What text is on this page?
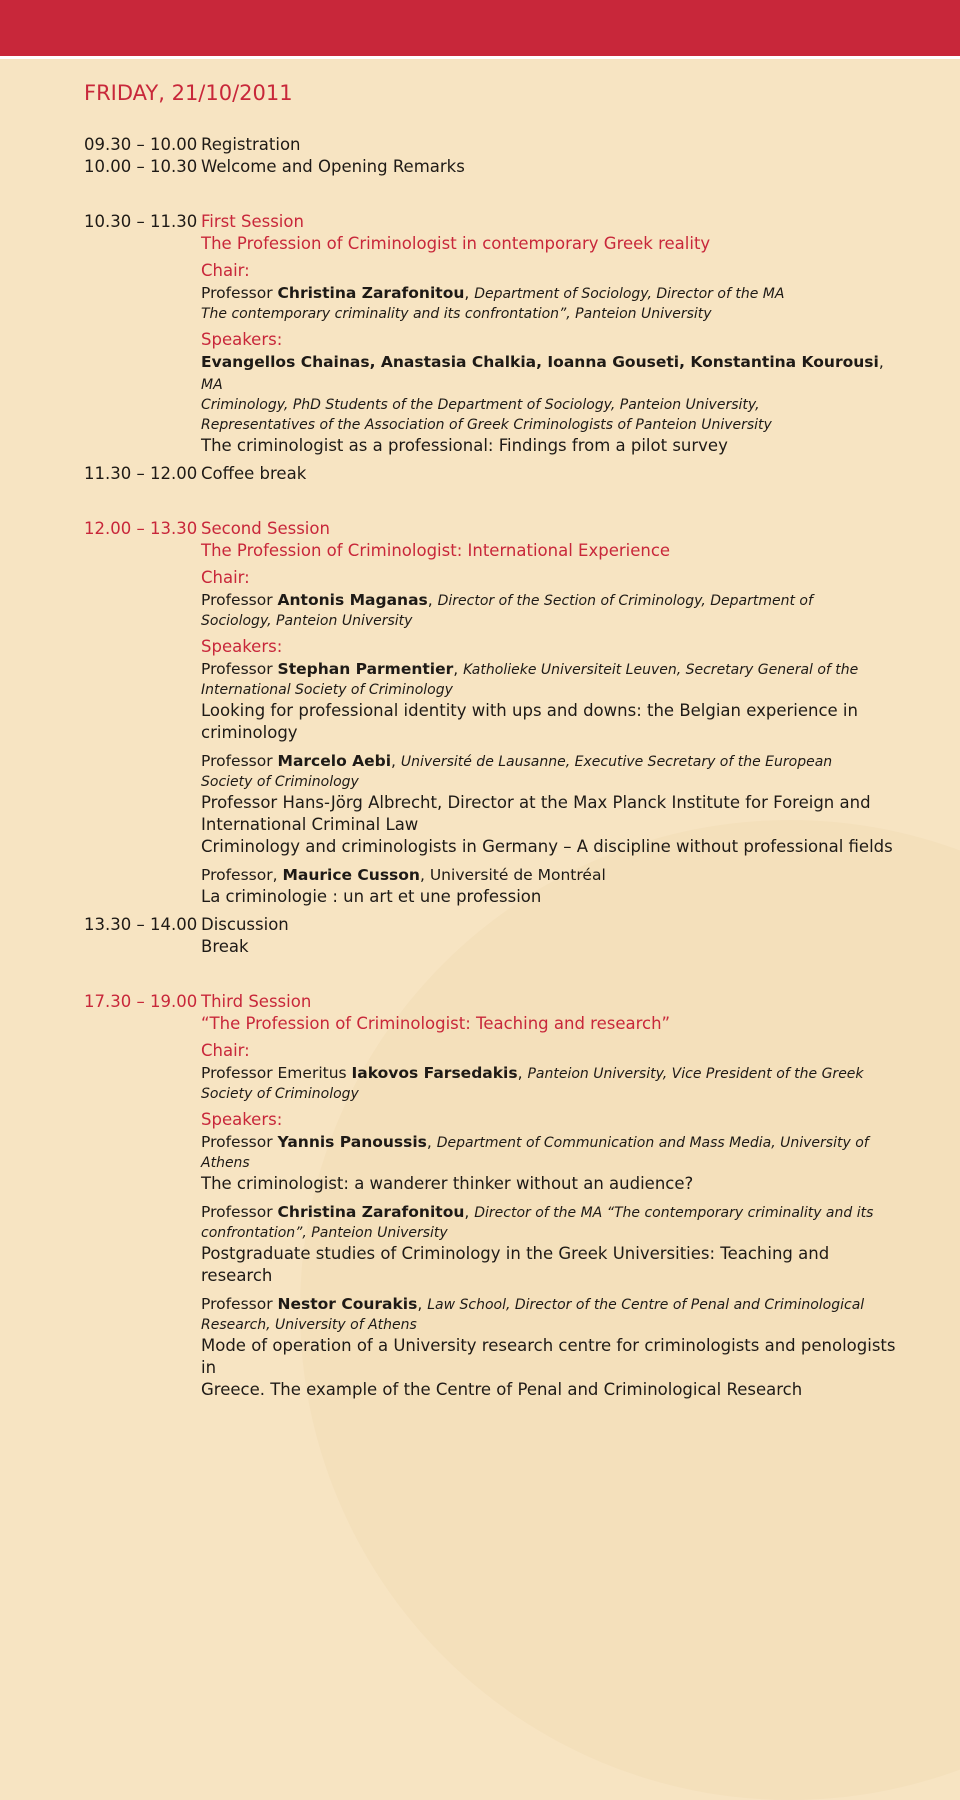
FRIDAY, 21/10/2011
09.30 – 10.00 Registration
10.00 – 10.30 Welcome and Opening Remarks
10.30 – 11.30 First Session
The Profession of Criminologist in contemporary Greek reality
Chair:
Professor Christina Zarafonitou, Department of Sociology, Director of the MA
The contemporary criminality and its confrontation”, Panteion University
Speakers:
Evangellos Chainas, Anastasia Chalkia, Ioanna Gouseti, Konstantina Kourousi, MA
Criminology, PhD Students of the Department of Sociology, Panteion University,
Representatives of the Association of Greek Criminologists of Panteion University
The criminologist as a professional: Findings from a pilot survey
11.30 – 12.00 Coffee break
12.00 – 13.30 Second Session
The Profession of Criminologist: International Experience
Chair:
Professor Antonis Maganas, Director of the Section of Criminology, Department of
Sociology, Panteion University
Speakers:
Professor Stephan Parmentier, Katholieke Universiteit Leuven, Secretary General of the
International Society of Criminology
Looking for professional identity with ups and downs: the Belgian experience in
criminology
Professor Marcelo Aebi, Université de Lausanne, Executive Secretary of the European
Society of Criminology
Professor Hans-Jörg Albrecht, Director at the Max Planck Institute for Foreign and
International Criminal Law
Criminology and criminologists in Germany – A discipline without professional fields
Professor, Maurice Cusson, Université de Montréal
La criminologie : un art et une profession
13.30 – 14.00 Discussion
Break
17.30 – 19.00 Third Session
“The Profession of Criminologist: Teaching and research”
Chair:
Professor Emeritus Iakovos Farsedakis, Panteion University, Vice President of the Greek
Society of Criminology
Speakers:
Professor Yannis Panoussis, Department of Communication and Mass Media, University of
Athens
The criminologist: a wanderer thinker without an audience?
Professor Christina Zarafonitou, Director of the MA “The contemporary criminality and its
confrontation”, Panteion University
Postgraduate studies of Criminology in the Greek Universities: Teaching and research
Professor Nestor Courakis, Law School, Director of the Centre of Penal and Criminological
Research, University of Athens
Mode of operation of a University research centre for criminologists and penologists in
Greece. The example of the Centre of Penal and Criminological Research
